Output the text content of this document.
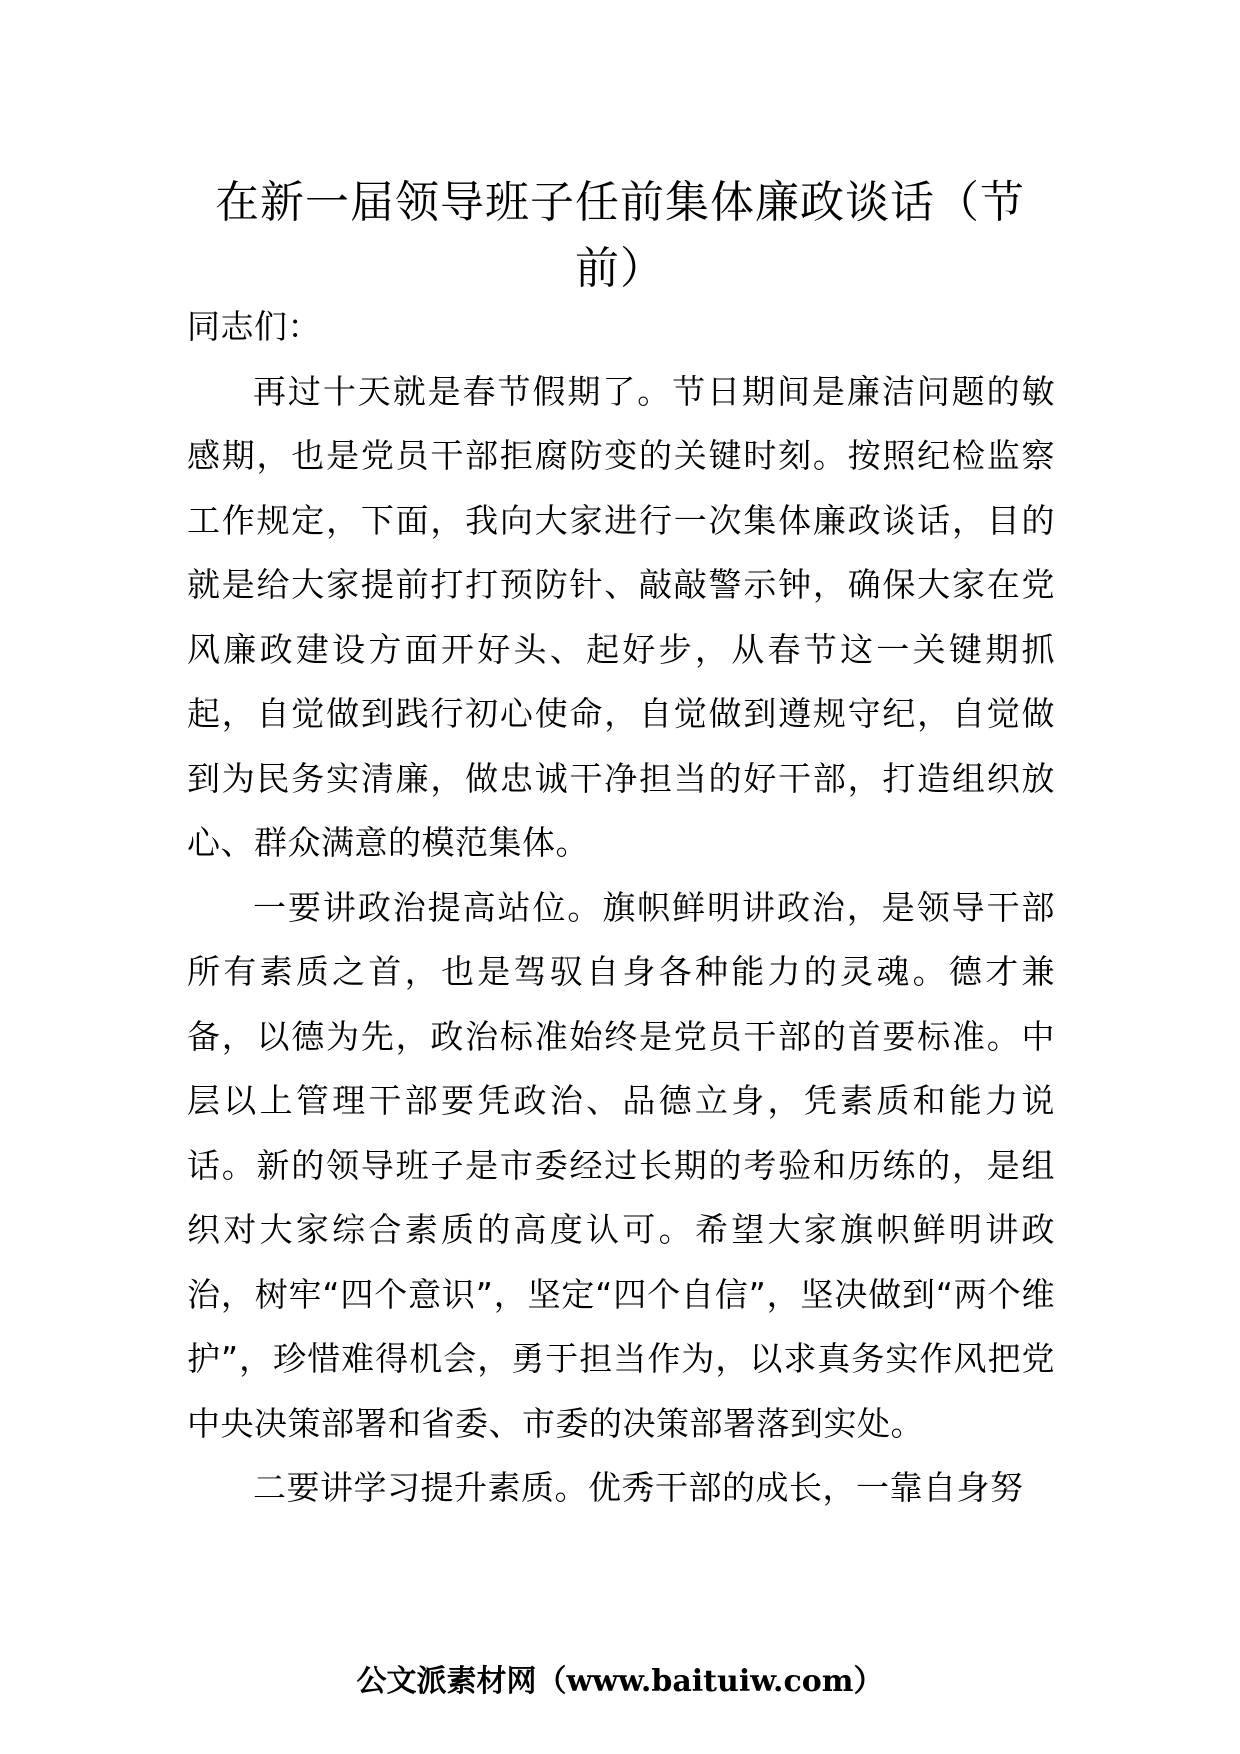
在新一届领导班子任前集体廉政谈话（节前）

同志们：

再过十天就是春节假期了。节日期间是廉洁问题的敏感期，也是党员干部拒腐防变的关键时刻。按照纪检监察工作规定，下面，我向大家进行一次集体廉政谈话，目的就是给大家提前打打预防针、敲敲警示钟，确保大家在党风廉政建设方面开好头、起好步，从春节这一关键期抓起，自觉做到践行初心使命，自觉做到遵规守纪，自觉做到为民务实清廉，做忠诚干净担当的好干部，打造组织放心、群众满意的模范集体。

一要讲政治提高站位。旗帜鲜明讲政治，是领导干部所有素质之首，也是驾驭自身各种能力的灵魂。德才兼备，以德为先，政治标准始终是党员干部的首要标准。中层以上管理干部要凭政治、品德立身，凭素质和能力说话。新的领导班子是市委经过长期的考验和历练的，是组织对大家综合素质的高度认可。希望大家旗帜鲜明讲政治，树牢“四个意识”，坚定“四个自信”，坚决做到“两个维护”，珍惜难得机会，勇于担当作为，以求真务实作风把党中央决策部署和省委、市委的决策部署落到实处。

二要讲学习提升素质。优秀干部的成长，一靠自身努

公文派素材网（www.baituiw.com）
